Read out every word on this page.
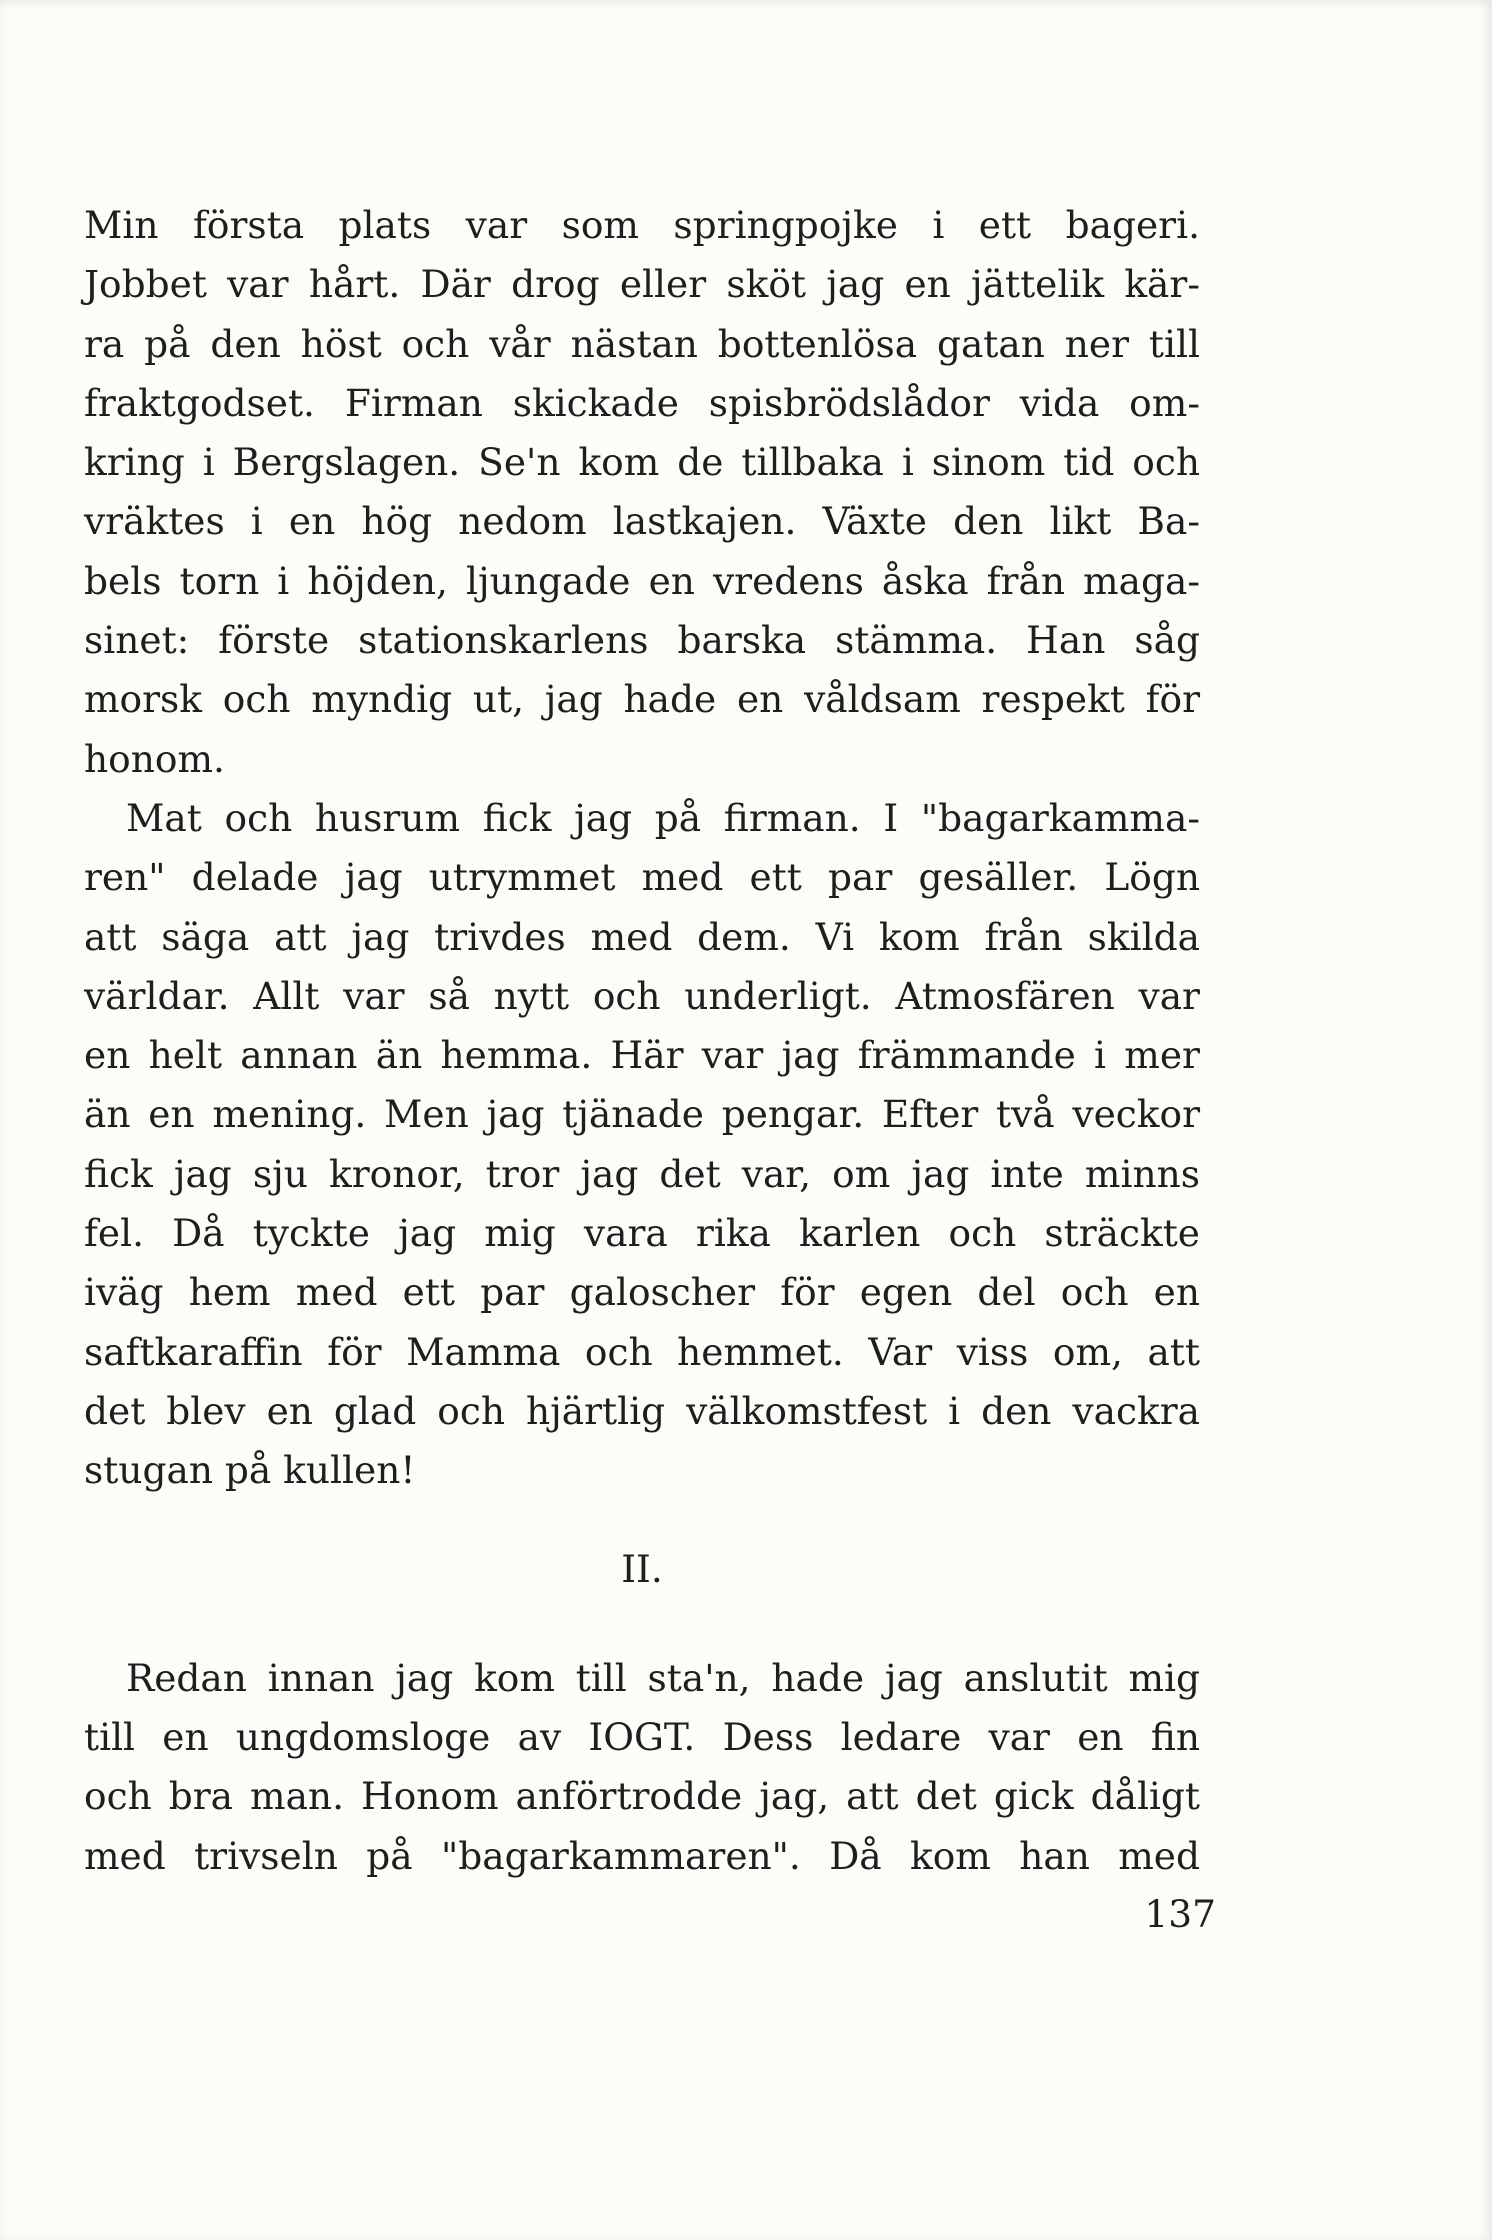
Min första plats var som springpojke i ett bageri.
Jobbet var hårt. Där drog eller sköt jag en jättelik kär-
ra på den höst och vår nästan bottenlösa gatan ner till
fraktgodset. Firman skickade spisbrödslådor vida om-
kring i Bergslagen. Se'n kom de tillbaka i sinom tid och
vräktes i en hög nedom lastkajen. Växte den likt Ba-
bels torn i höjden, ljungade en vredens åska från maga-
sinet: förste stationskarlens barska stämma. Han såg
morsk och myndig ut, jag hade en våldsam respekt för
honom.
Mat och husrum fick jag på firman. I "bagarkamma-
ren" delade jag utrymmet med ett par gesäller. Lögn
att säga att jag trivdes med dem. Vi kom från skilda
världar. Allt var så nytt och underligt. Atmosfären var
en helt annan än hemma. Här var jag främmande i mer
än en mening. Men jag tjänade pengar. Efter två veckor
fick jag sju kronor, tror jag det var, om jag inte minns
fel. Då tyckte jag mig vara rika karlen och sträckte
iväg hem med ett par galoscher för egen del och en
saftkaraffin för Mamma och hemmet. Var viss om, att
det blev en glad och hjärtlig välkomstfest i den vackra
stugan på kullen!
II.
Redan innan jag kom till sta'n, hade jag anslutit mig
till en ungdomsloge av IOGT. Dess ledare var en fin
och bra man. Honom anförtrodde jag, att det gick dåligt
med trivseln på "bagarkammaren". Då kom han med
137
